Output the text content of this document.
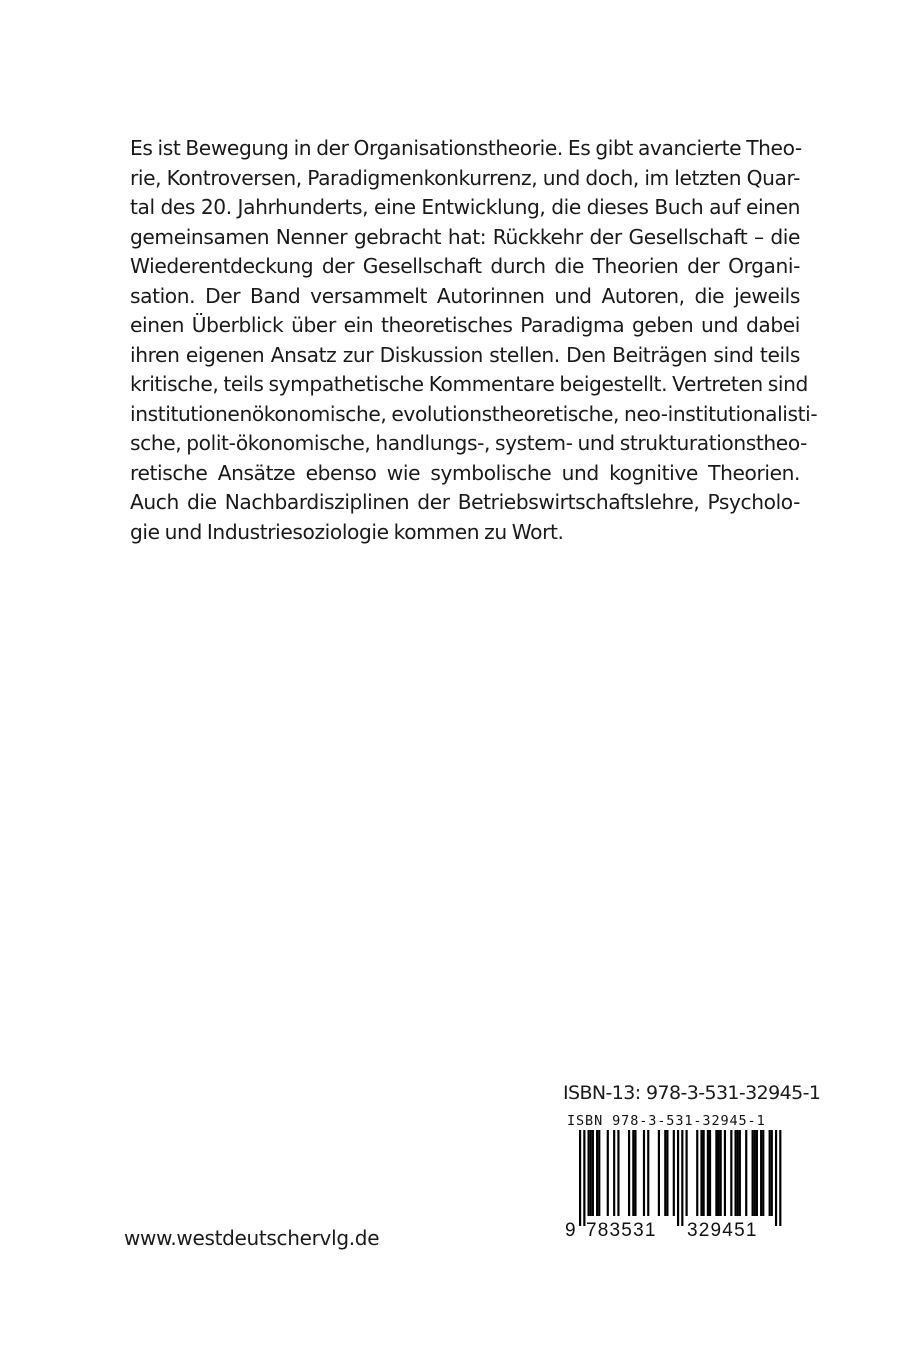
Es ist Bewegung in der Organisationstheorie. Es gibt avancierte Theo-
rie, Kontroversen, Paradigmenkonkurrenz, und doch, im letzten Quar-
tal des 20. Jahrhunderts, eine Entwicklung, die dieses Buch auf einen
gemeinsamen Nenner gebracht hat: Rückkehr der Gesellschaft – die
Wiederentdeckung der Gesellschaft durch die Theorien der Organi-
sation. Der Band versammelt Autorinnen und Autoren, die jeweils
einen Überblick über ein theoretisches Paradigma geben und dabei
ihren eigenen Ansatz zur Diskussion stellen. Den Beiträgen sind teils
kritische, teils sympathetische Kommentare beigestellt. Vertreten sind
institutionenökonomische, evolutionstheoretische, neo-institutionalisti-
sche, polit-ökonomische, handlungs-, system- und strukturationstheo-
retische Ansätze ebenso wie symbolische und kognitive Theorien.
Auch die Nachbardisziplinen der Betriebswirtschaftslehre, Psycholo-
gie und Industriesoziologie kommen zu Wort.
ISBN-13: 978-3-531-32945-1
ISBN 978-3-531-32945-1
9 783531 329451
www.westdeutschervlg.de
